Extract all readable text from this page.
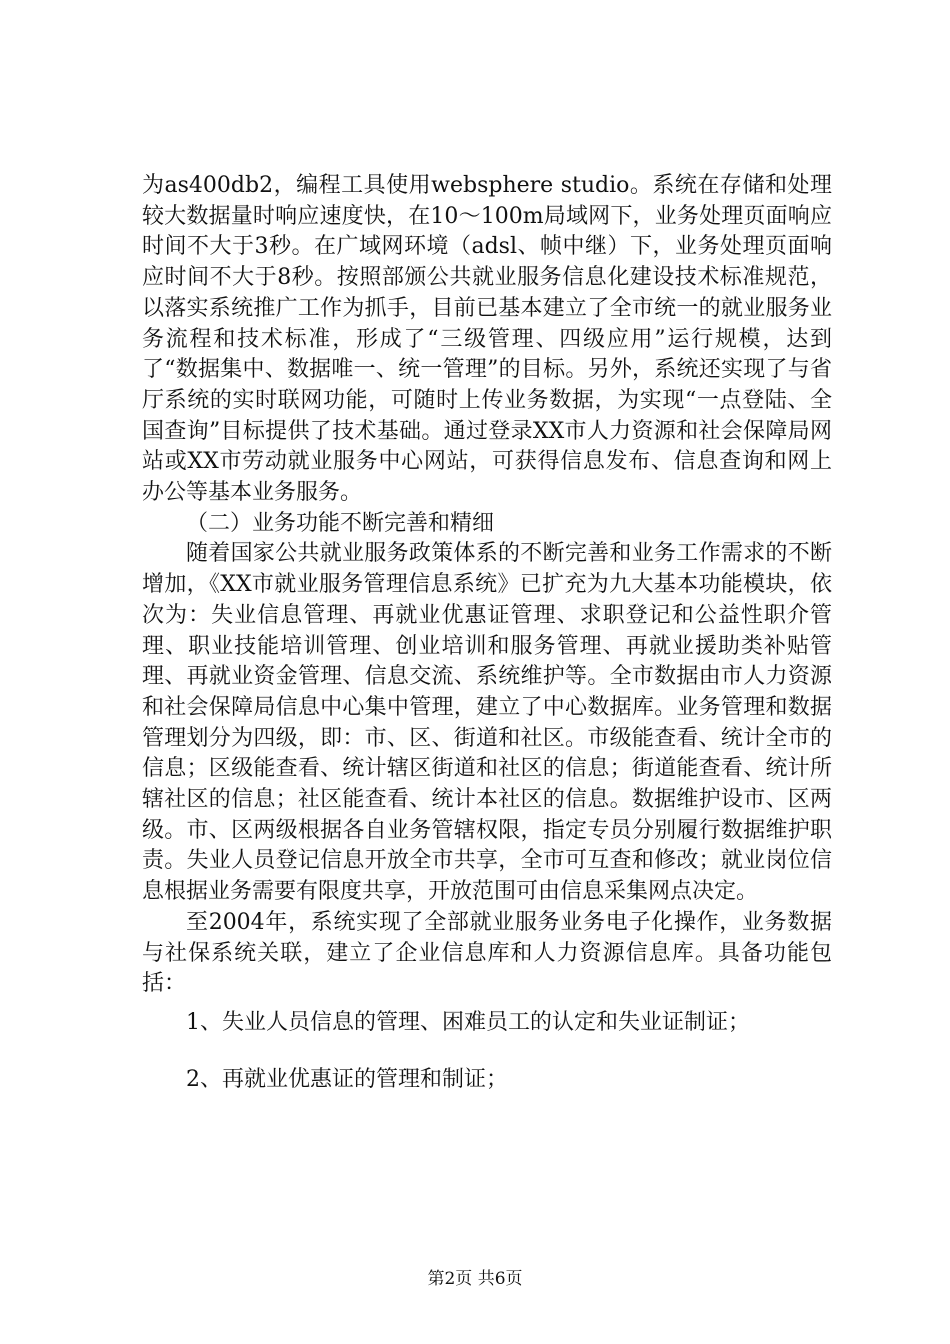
为as400db2，编程工具使用websphere studio。系统在存储和处理较大数据量时响应速度快，在10～100m局域网下，业务处理页面响应时间不大于3秒。在广域网环境（adsl、帧中继）下，业务处理页面响应时间不大于8秒。按照部颁公共就业服务信息化建设技术标准规范，以落实系统推广工作为抓手，目前已基本建立了全市统一的就业服务业务流程和技术标准，形成了“三级管理、四级应用”运行规模，达到了“数据集中、数据唯一、统一管理”的目标。另外，系统还实现了与省厅系统的实时联网功能，可随时上传业务数据，为实现“一点登陆、全国查询”目标提供了技术基础。通过登录XX市人力资源和社会保障局网站或XX市劳动就业服务中心网站，可获得信息发布、信息查询和网上办公等基本业务服务。

（二）业务功能不断完善和精细

随着国家公共就业服务政策体系的不断完善和业务工作需求的不断增加，《XX市就业服务管理信息系统》已扩充为九大基本功能模块，依次为：失业信息管理、再就业优惠证管理、求职登记和公益性职介管理、职业技能培训管理、创业培训和服务管理、再就业援助类补贴管理、再就业资金管理、信息交流、系统维护等。全市数据由市人力资源和社会保障局信息中心集中管理，建立了中心数据库。业务管理和数据管理划分为四级，即：市、区、街道和社区。市级能查看、统计全市的信息；区级能查看、统计辖区街道和社区的信息；街道能查看、统计所辖社区的信息；社区能查看、统计本社区的信息。数据维护设市、区两级。市、区两级根据各自业务管辖权限，指定专员分别履行数据维护职责。失业人员登记信息开放全市共享，全市可互查和修改；就业岗位信息根据业务需要有限度共享，开放范围可由信息采集网点决定。

至2004年，系统实现了全部就业服务业务电子化操作，业务数据与社保系统关联，建立了企业信息库和人力资源信息库。具备功能包括：

1、失业人员信息的管理、困难员工的认定和失业证制证；

2、再就业优惠证的管理和制证；

第2页 共6页
